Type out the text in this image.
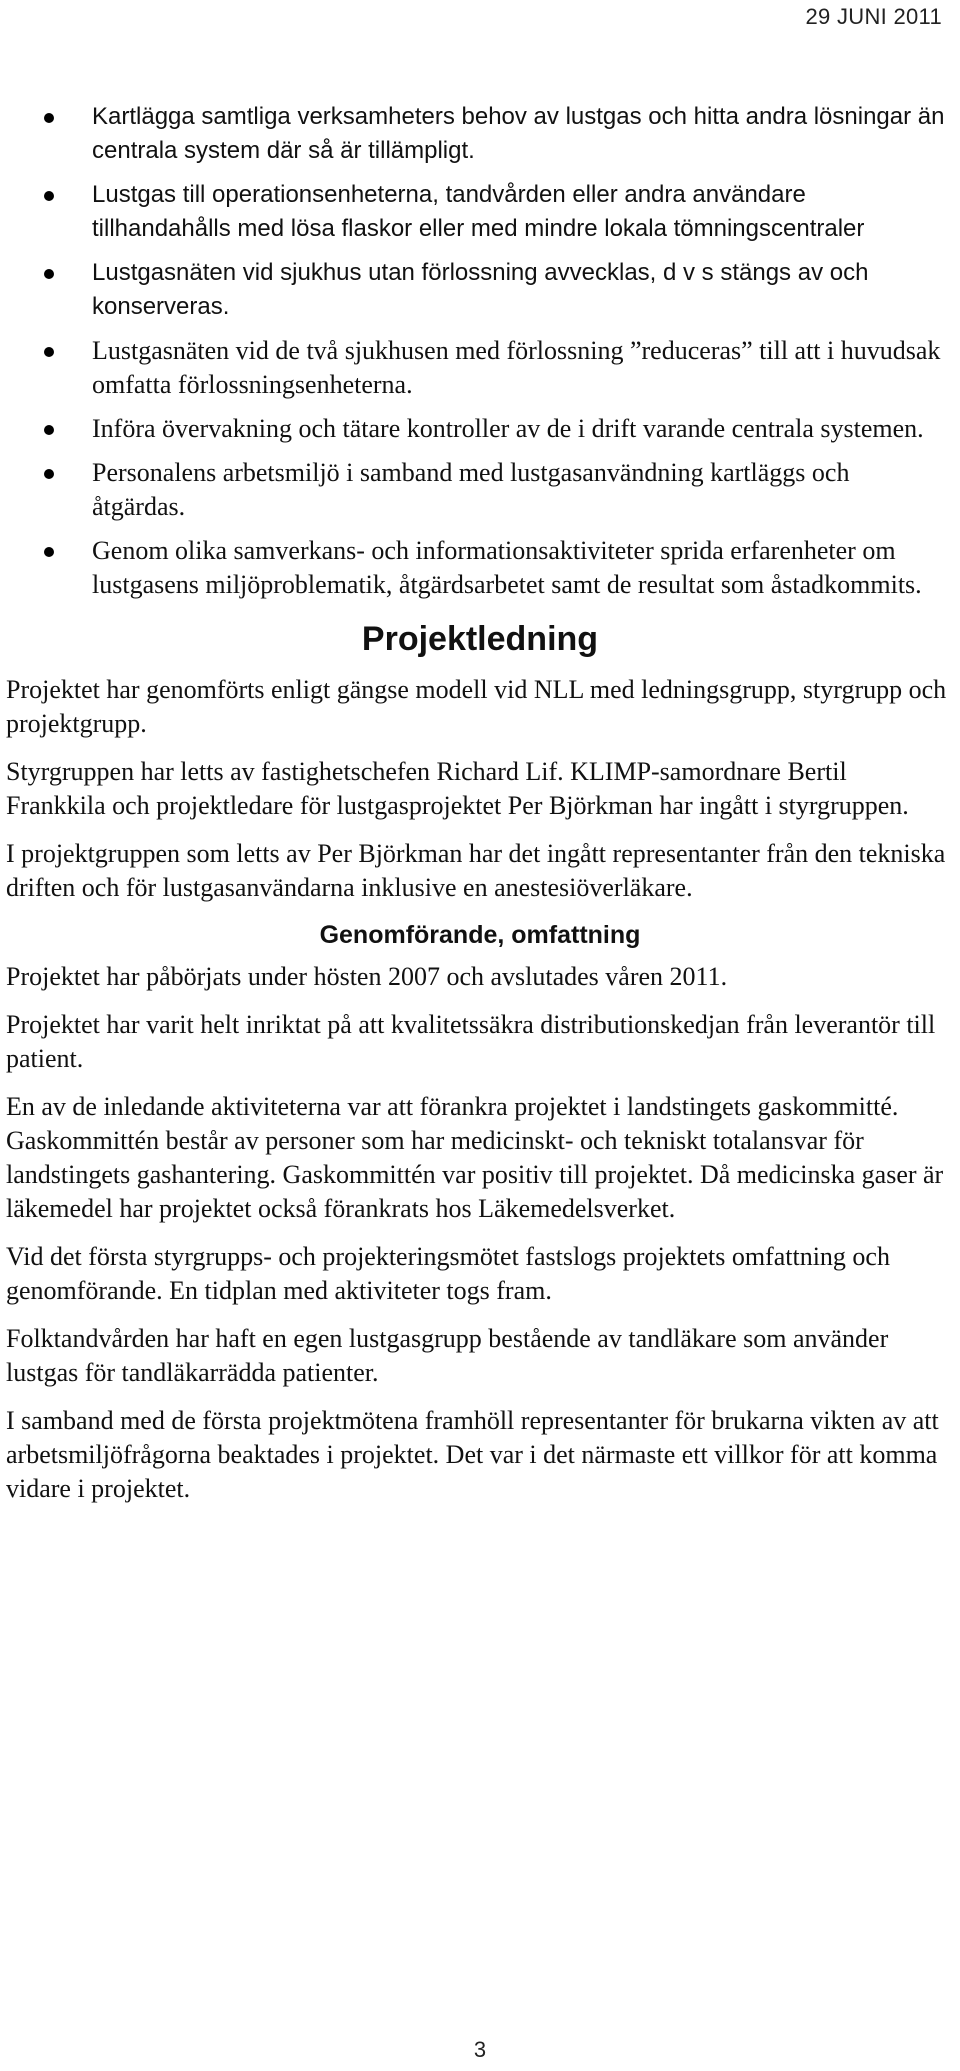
29 JUNI 2011
Kartlägga samtliga verksamheters behov av lustgas och hitta andra lösningar än centrala system där så är tillämpligt.
Lustgas till operationsenheterna, tandvården eller andra användare tillhandahålls med lösa flaskor eller med mindre lokala tömningscentraler
Lustgasnäten vid sjukhus utan förlossning avvecklas, d v s stängs av och konserveras.
Lustgasnäten vid de två sjukhusen med förlossning ”reduceras” till att i huvudsak omfatta förlossningsenheterna.
Införa övervakning och tätare kontroller av de i drift varande centrala systemen.
Personalens arbetsmiljö i samband med lustgasanvändning kartläggs och åtgärdas.
Genom olika samverkans- och informationsaktiviteter sprida erfarenheter om lustgasens miljöproblematik, åtgärdsarbetet samt de resultat som åstadkommits.
Projektledning

Projektet har genomförts enligt gängse modell vid NLL med ledningsgrupp, styrgrupp och projektgrupp.

Styrgruppen har letts av fastighetschefen Richard Lif. KLIMP-samordnare Bertil Frankkila och projektledare för lustgasprojektet Per Björkman har ingått i styrgruppen.

I projektgruppen som letts av Per Björkman har det ingått representanter från den tekniska driften och för lustgasanvändarna inklusive en anestesiöverläkare.

Genomförande, omfattning

Projektet har påbörjats under hösten 2007 och avslutades våren 2011.

Projektet har varit helt inriktat på att kvalitetssäkra distributionskedjan från leverantör till patient.

En av de inledande aktiviteterna var att förankra projektet i landstingets gaskommitté. Gaskommittén består av personer som har medicinskt- och tekniskt totalansvar för landstingets gashantering. Gaskommittén var positiv till projektet. Då medicinska gaser är läkemedel har projektet också förankrats hos Läkemedelsverket.

Vid det första styrgrupps- och projekteringsmötet fastslogs projektets omfattning och genomförande. En tidplan med aktiviteter togs fram.

Folktandvården har haft en egen lustgasgrupp bestående av tandläkare som använder lustgas för tandläkarrädda patienter.

I samband med de första projektmötena framhöll representanter för brukarna vikten av att arbetsmiljöfrågorna beaktades i projektet. Det var i det närmaste ett villkor för att komma vidare i projektet.

3
